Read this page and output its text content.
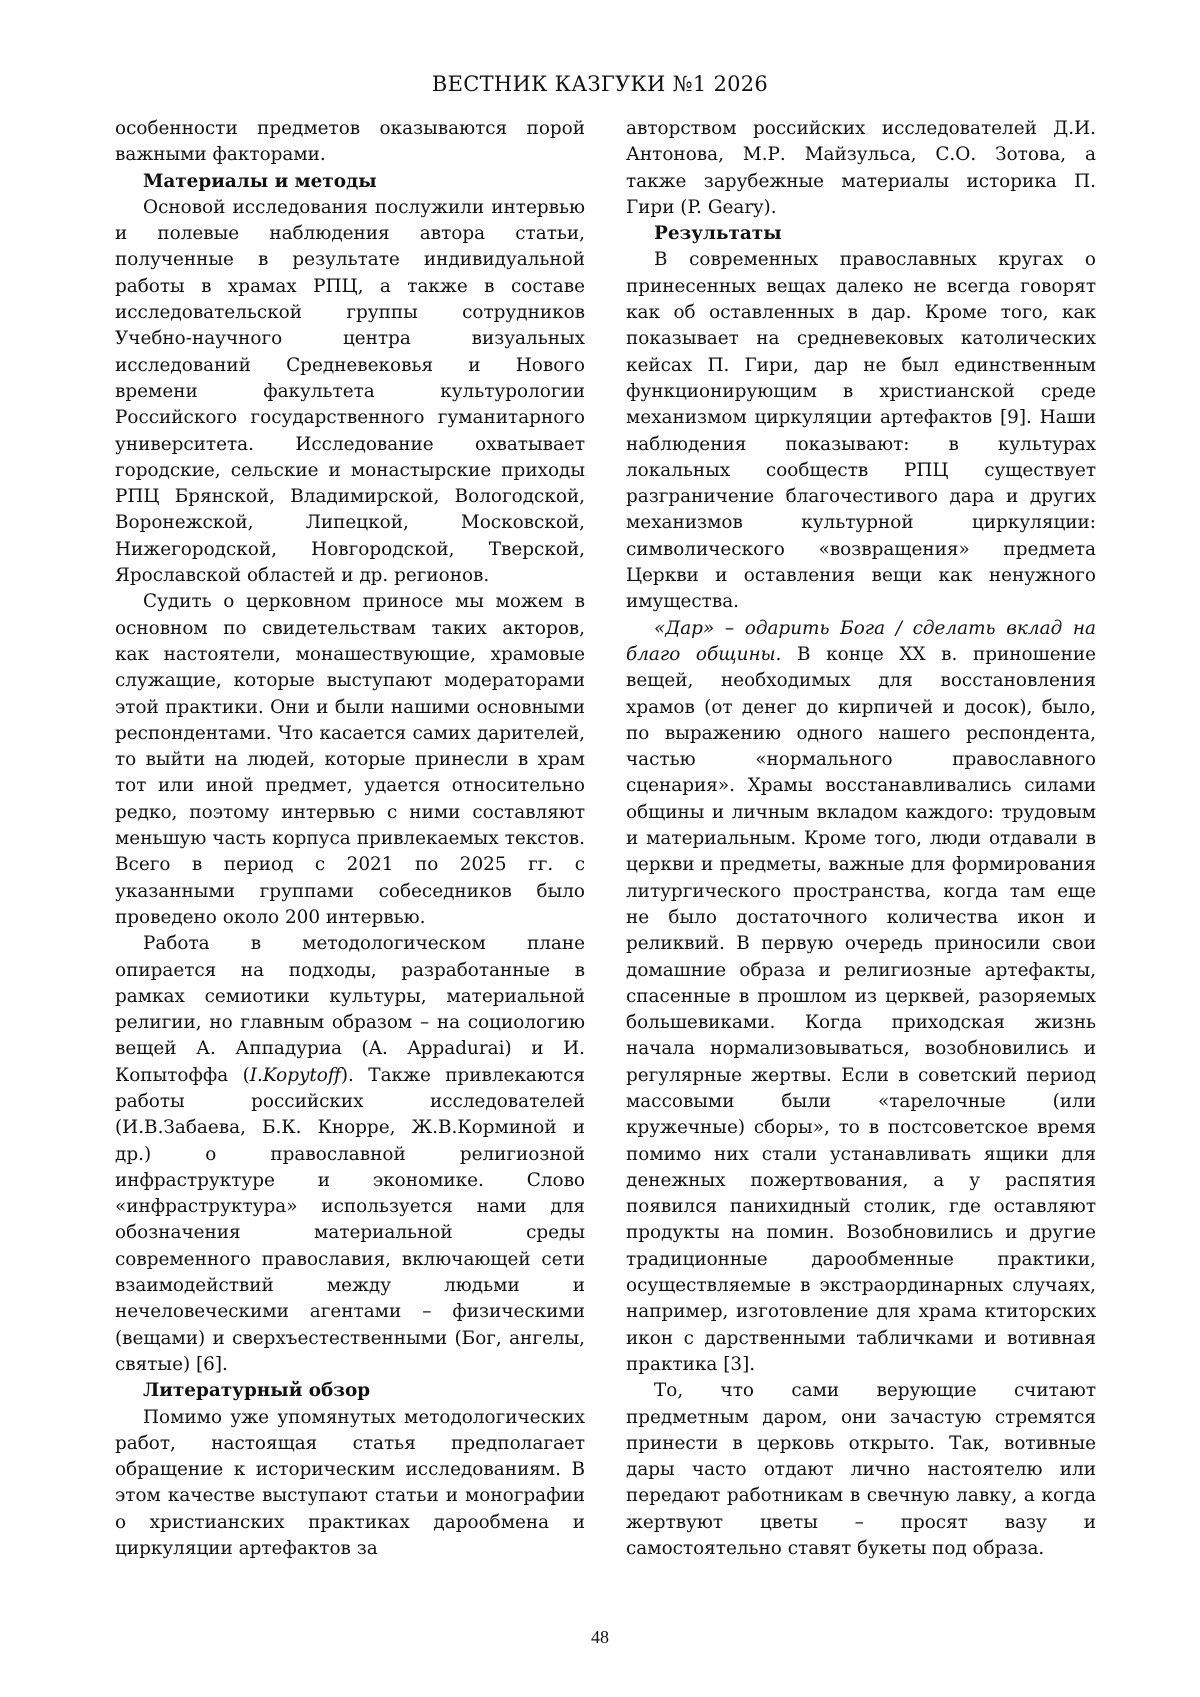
ВЕСТНИК КАЗГУКИ №1 2026

особенности предметов оказываются порой важными факторами.

Материалы и методы

Основой исследования послужили интервью и полевые наблюдения автора статьи, полученные в результате индивидуальной работы в храмах РПЦ, а также в составе исследовательской группы сотрудников Учебно-научного центра визуальных исследований Средневековья и Нового времени факультета культурологии Российского государственного гуманитарного университета. Исследование охватывает городские, сельские и монастырские приходы РПЦ Брянской, Владимирской, Вологодской, Воронежской, Липецкой, Московской, Нижегородской, Новгородской, Тверской, Ярославской областей и др. регионов.

Судить о церковном приносе мы можем в основном по свидетельствам таких акторов, как настоятели, монашествующие, храмовые служащие, которые выступают модераторами этой практики. Они и были нашими основными респондентами. Что касается самих дарителей, то выйти на людей, которые принесли в храм тот или иной предмет, удается относительно редко, поэтому интервью с ними составляют меньшую часть корпуса привлекаемых текстов. Всего в период с 2021 по 2025 гг. с указанными группами собеседников было проведено около 200 интервью.

Работа в методологическом плане опирается на подходы, разработанные в рамках семиотики культуры, материальной религии, но главным образом – на социологию вещей А. Аппадуриа (A. Appadurai) и И. Копытоффа (I.Kopytoff). Также привлекаются работы российских исследователей (И.В.Забаева, Б.К. Кнорре, Ж.В.Корминой и др.) о православной религиозной инфраструктуре и экономике. Слово «инфраструктура» используется нами для обозначения материальной среды современного православия, включающей сети взаимодействий между людьми и нечеловеческими агентами – физическими (вещами) и сверхъестественными (Бог, ангелы, святые) [6].

Литературный обзор

Помимо уже упомянутых методологических работ, настоящая статья предполагает обращение к историческим исследованиям. В этом качестве выступают статьи и монографии о христианских практиках дарообмена и циркуляции артефактов за

авторством российских исследователей Д.И. Антонова, М.Р. Майзульса, С.О. Зотова, а также зарубежные материалы историка П. Гири (P. Geary).

Результаты

В современных православных кругах о принесенных вещах далеко не всегда говорят как об оставленных в дар. Кроме того, как показывает на средневековых католических кейсах П. Гири, дар не был единственным функционирующим в христианской среде механизмом циркуляции артефактов [9]. Наши наблюдения показывают: в культурах локальных сообществ РПЦ существует разграничение благочестивого дара и других механизмов культурной циркуляции: символического «возвращения» предмета Церкви и оставления вещи как ненужного имущества.

«Дар» – одарить Бога / сделать вклад на благо общины. В конце XX в. приношение вещей, необходимых для восстановления храмов (от денег до кирпичей и досок), было, по выражению одного нашего респондента, частью «нормального православного сценария». Храмы восстанавливались силами общины и личным вкладом каждого: трудовым и материальным. Кроме того, люди отдавали в церкви и предметы, важные для формирования литургического пространства, когда там еще не было достаточного количества икон и реликвий. В первую очередь приносили свои домашние образа и религиозные артефакты, спасенные в прошлом из церквей, разоряемых большевиками. Когда приходская жизнь начала нормализовываться, возобновились и регулярные жертвы. Если в советский период массовыми были «тарелочные (или кружечные) сборы», то в постсоветское время помимо них стали устанавливать ящики для денежных пожертвования, а у распятия появился панихидный столик, где оставляют продукты на помин. Возобновились и другие традиционные дарообменные практики, осуществляемые в экстраординарных случаях, например, изготовление для храма ктиторских икон с дарственными табличками и вотивная практика [3].

То, что сами верующие считают предметным даром, они зачастую стремятся принести в церковь открыто. Так, вотивные дары часто отдают лично настоятелю или передают работникам в свечную лавку, а когда жертвуют цветы – просят вазу и самостоятельно ставят букеты под образа.

48
